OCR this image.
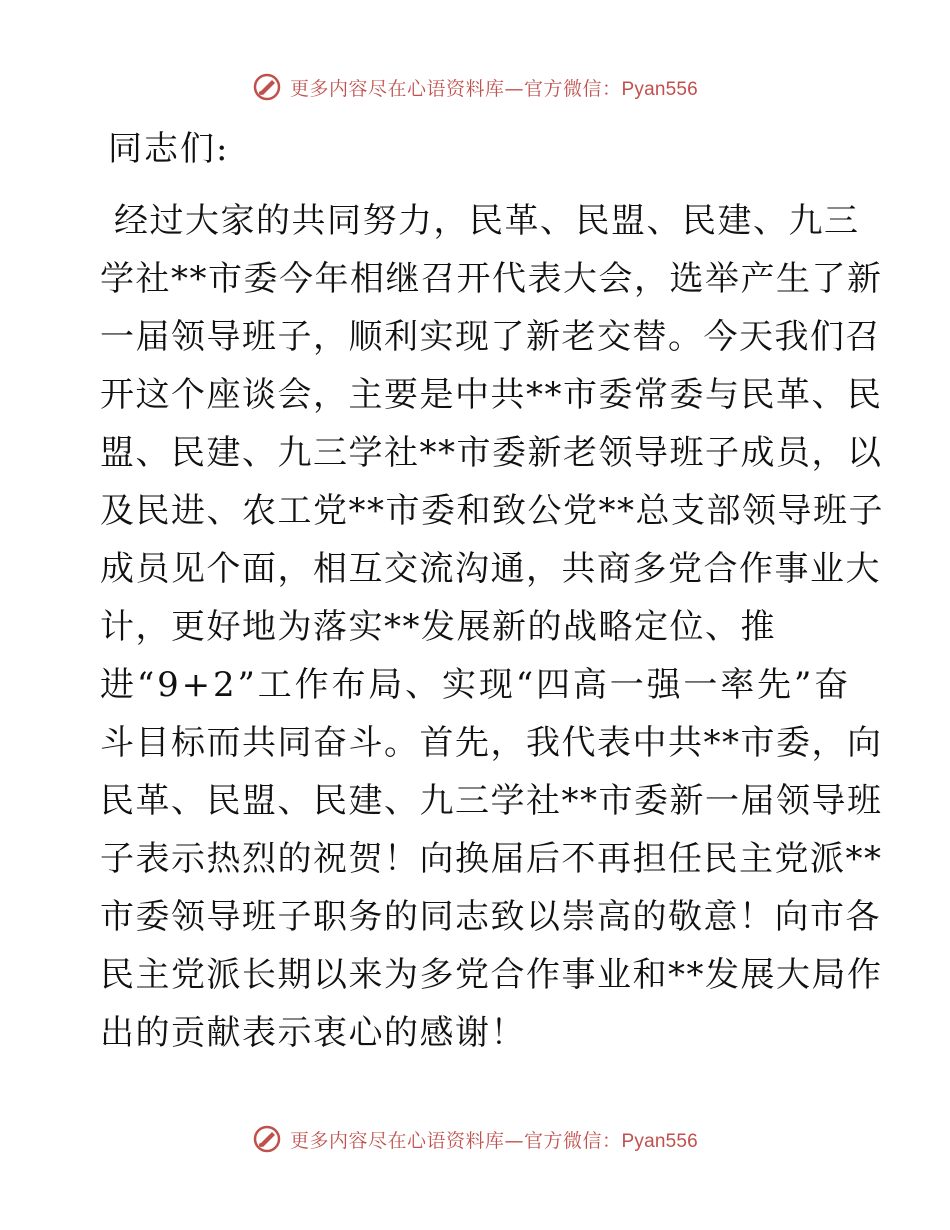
更多内容尽在心语资料库—官方微信：Pyan556
同志们:
经 过 大 家 的 共 同 努 力 ， 民 革 、 民 盟 、 民 建 、 九 三
学 社 * * 市 委 今 年 相 继 召 开 代 表 大 会 ， 选 举 产 生 了 新
一 届 领 导 班 子 ， 顺 利 实 现 了 新 老 交 替 。 今 天 我 们 召
开 这 个 座 谈 会 ， 主 要 是 中 共 * * 市 委 常 委 与 民 革 、 民
盟 、 民 建 、 九 三 学 社 * * 市 委 新 老 领 导 班 子 成 员 ， 以
及 民 进 、 农 工 党 * * 市 委 和 致 公 党 * * 总 支 部 领 导 班 子
成 员 见 个 面 ， 相 互 交 流 沟 通 ， 共 商 多 党 合 作 事 业 大
计，更好地为落实**发展新的战略定位、推
进 “ 9 + 2 ” 工 作 布 局 、 实 现 “ 四 高 一 强 一 率 先 ” 奋
斗 目 标 而 共 同 奋 斗 。 首 先 ， 我 代 表 中 共 * * 市 委 ， 向
民 革 、 民 盟 、 民 建 、 九 三 学 社 * * 市 委 新 一 届 领 导 班
子 表 示 热 烈 的 祝 贺 ！ 向 换 届 后 不 再 担 任 民 主 党 派 * *
市 委 领 导 班 子 职 务 的 同 志 致 以 崇 高 的 敬 意 ！ 向 市 各
民 主 党 派 长 期 以 来 为 多 党 合 作 事 业 和 * * 发 展 大 局 作
出的贡献表示衷心的感谢！
更多内容尽在心语资料库—官方微信：Pyan556
